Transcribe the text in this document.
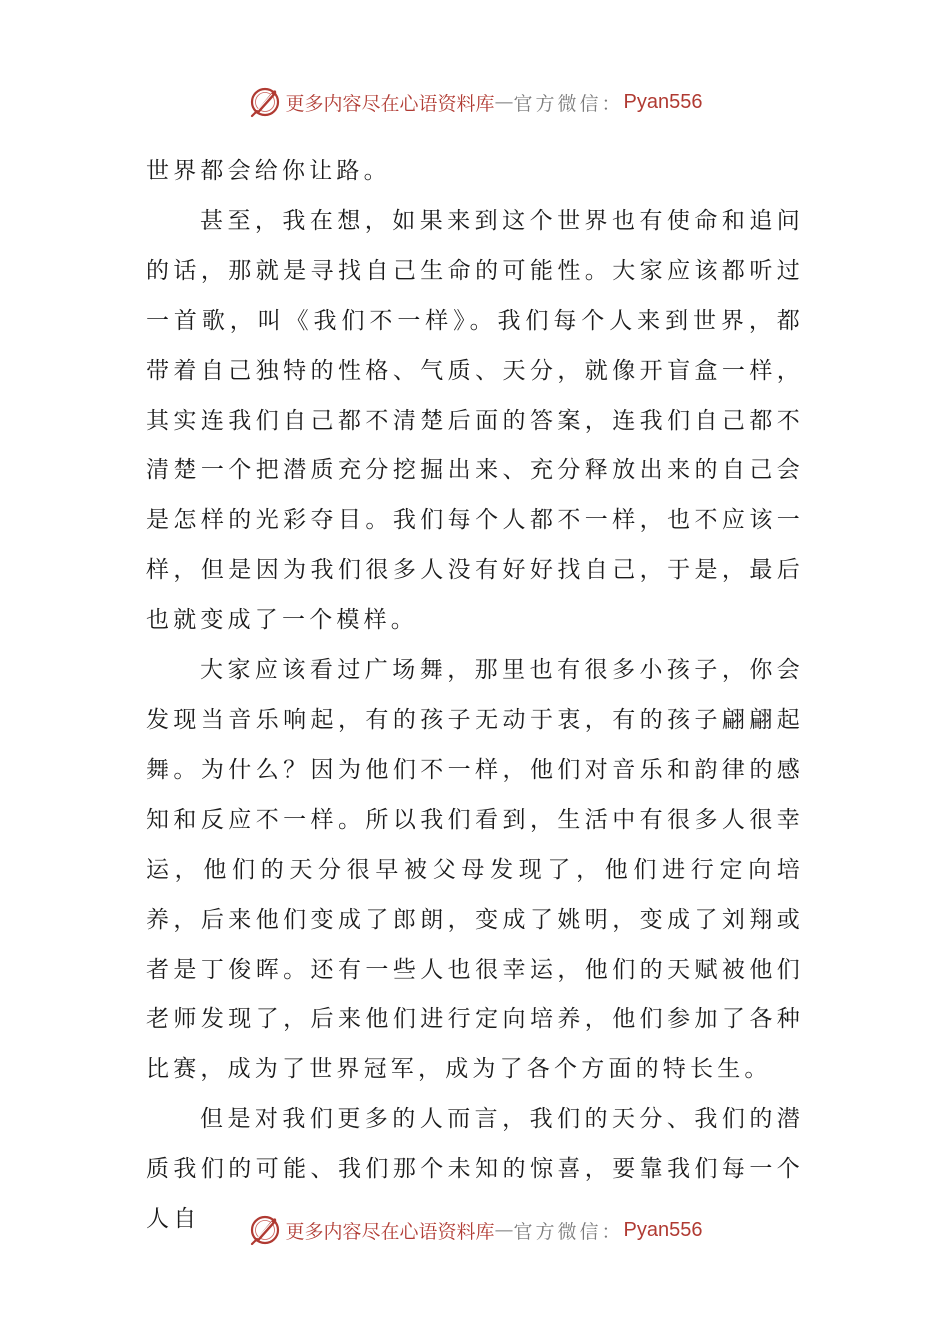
更多内容尽在心语资料库 — 官方微信： Pyan556

世界都会给你让路。

甚至，我在想，如果来到这个世界也有使命和追问的话，那就是寻找自己生命的可能性。大家应该都听过一首歌，叫《我们不一样》。我们每个人来到世界，都带着自己独特的性格、气质、天分，就像开盲盒一样，其实连我们自己都不清楚后面的答案，连我们自己都不清楚一个把潜质充分挖掘出来、充分释放出来的自己会是怎样的光彩夺目。我们每个人都不一样，也不应该一样，但是因为我们很多人没有好好找自己，于是，最后也就变成了一个模样。

大家应该看过广场舞，那里也有很多小孩子，你会发现当音乐响起，有的孩子无动于衷，有的孩子翩翩起舞。为什么？因为他们不一样，他们对音乐和韵律的感知和反应不一样。所以我们看到，生活中有很多人很幸运，他们的天分很早被父母发现了，他们进行定向培养，后来他们变成了郎朗，变成了姚明，变成了刘翔或者是丁俊晖。还有一些人也很幸运，他们的天赋被他们老师发现了，后来他们进行定向培养，他们参加了各种比赛，成为了世界冠军，成为了各个方面的特长生。

但是对我们更多的人而言，我们的天分、我们的潜质我们的可能、我们那个未知的惊喜，要靠我们每一个人自	更多内容尽在心语资料库 — 官方微信： Pyan556
